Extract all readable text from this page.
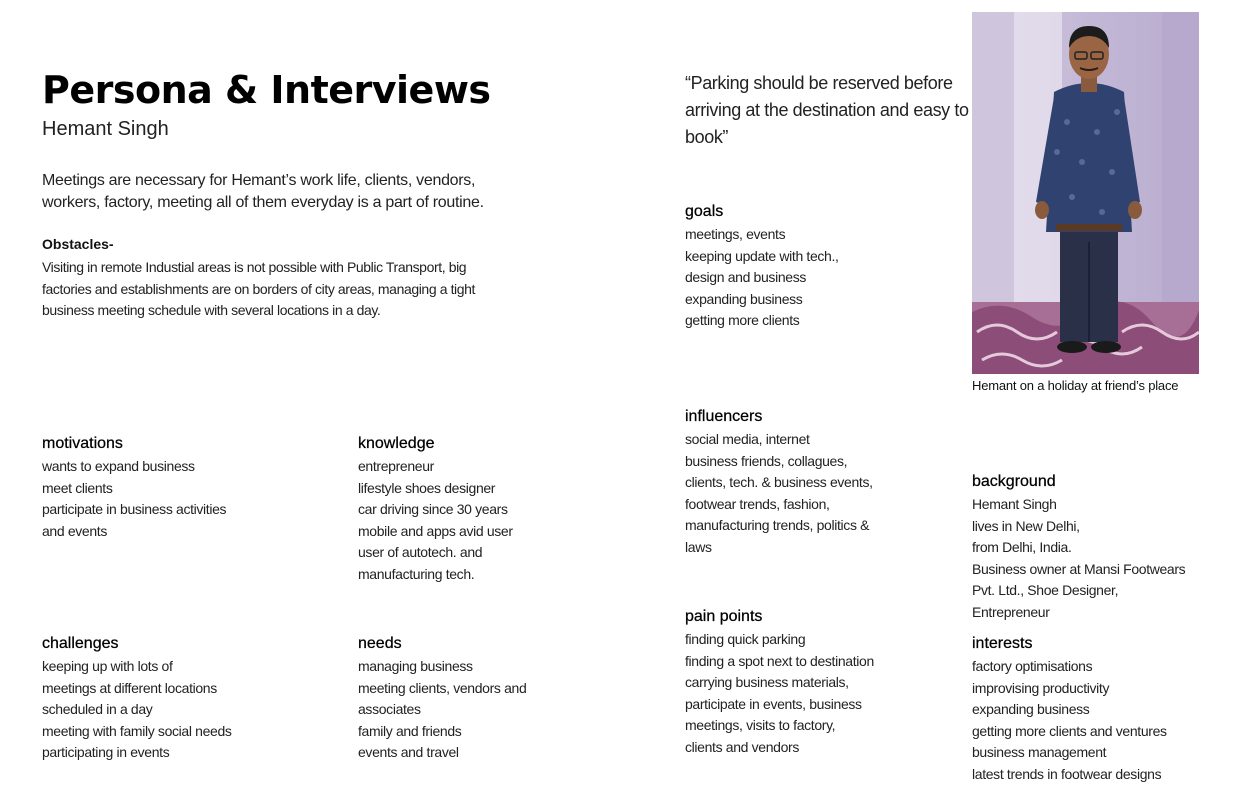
Persona & Interviews
Hemant Singh

Meetings are necessary for Hemant’s work life, clients, vendors, workers, factory, meeting all of them everyday is a part of routine.

Obstacles-

Visiting in remote Industial areas is not possible with Public Transport, big factories and establishments are on borders of city areas, managing a tight business meeting schedule with several locations in a day.

“Parking should be reserved before arriving at the destination and easy to book”

goals
meetings, events
keeping update with tech.,
design and business
expanding business
getting more clients
influencers
social media, internet
business friends, collagues,
clients, tech. & business events,
footwear trends, fashion,
manufacturing trends, politics &
laws
pain points
finding quick parking
finding a spot next to destination
carrying business materials,
participate in events, business
meetings, visits to factory,
clients and vendors
motivations
wants to expand business
meet clients
participate in business activities
and events
knowledge
entrepreneur
lifestyle shoes designer
car driving since 30 years
mobile and apps avid user
user of autotech. and
manufacturing tech.
challenges
keeping up with lots of
meetings at different locations
scheduled in a day
meeting with family social needs
participating in events
needs
managing business
meeting clients, vendors and
associates
family and friends
events and travel
background
Hemant Singh
lives in New Delhi,
from Delhi, India.
Business owner at Mansi Footwears
Pvt. Ltd., Shoe Designer,
Entrepreneur
interests
factory optimisations
improvising productivity
expanding business
getting more clients and ventures
business management
latest trends in footwear designs
Hemant on a holiday at friend’s place
